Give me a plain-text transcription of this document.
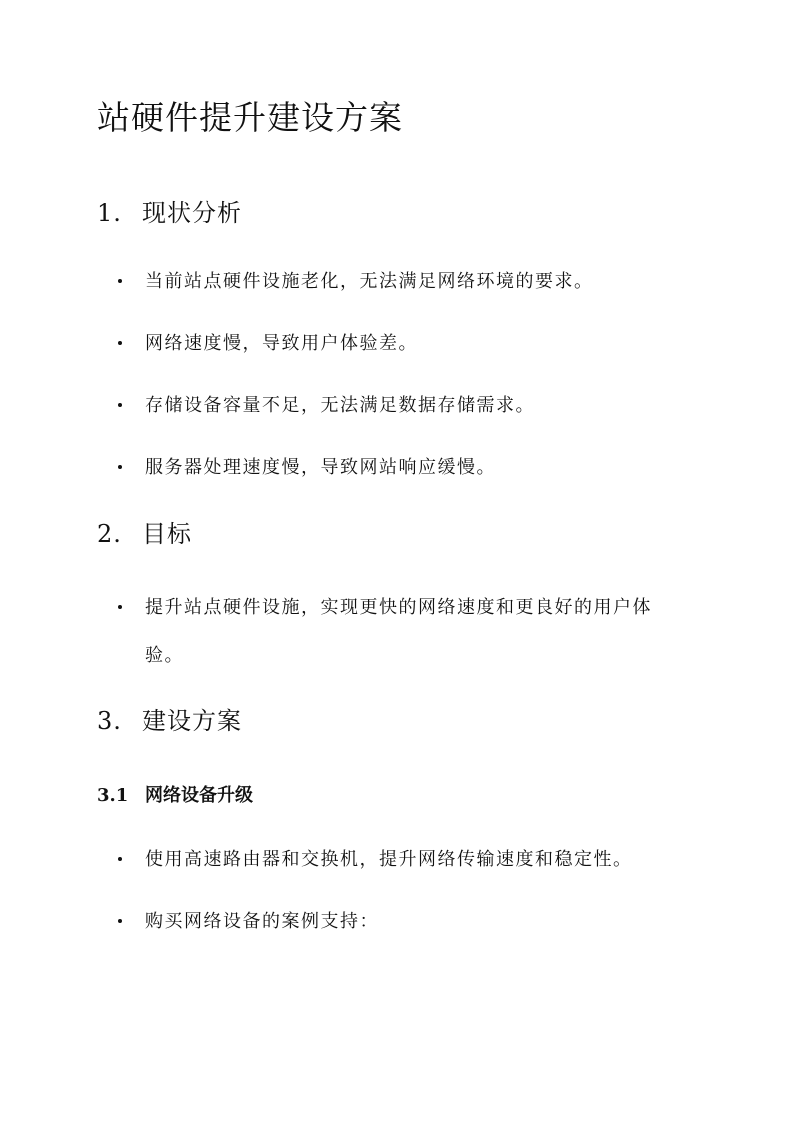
站硬件提升建设方案
1. 现状分析
当前站点硬件设施老化，无法满足网络环境的要求。
网络速度慢，导致用户体验差。
存储设备容量不足，无法满足数据存储需求。
服务器处理速度慢，导致网站响应缓慢。
2. 目标
提升站点硬件设施，实现更快的网络速度和更良好的用户体验。
3. 建设方案
3.1 网络设备升级
使用高速路由器和交换机，提升网络传输速度和稳定性。
购买网络设备的案例支持：
